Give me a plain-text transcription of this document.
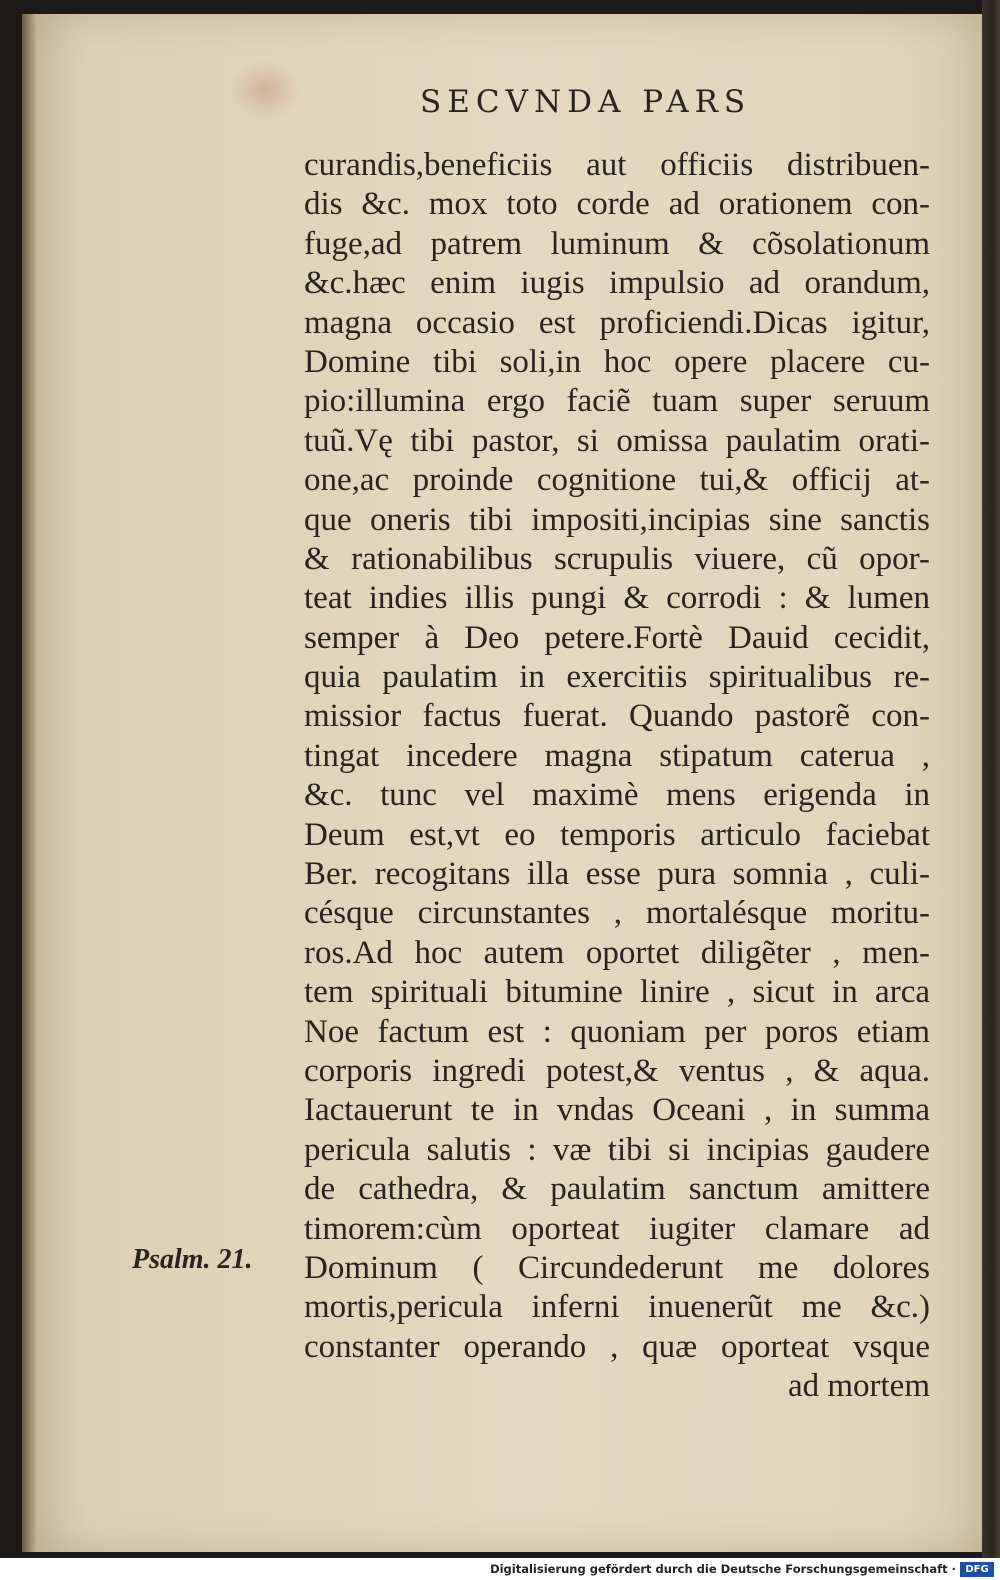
SECVNDA PARS
curandis,beneficiis aut officiis distribuen-
dis &c. mox toto corde ad orationem con-
fuge,ad patrem luminum & cõsolationum
&c.hæc enim iugis impulsio ad orandum,
magna occasio est proficiendi.Dicas igitur,
Domine tibi soli,in hoc opere placere cu-
pio:illumina ergo faciẽ tuam super seruum
tuũ.Vę tibi pastor, si omissa paulatim orati-
one,ac proinde cognitione tui,& officij at-
que oneris tibi impositi,incipias sine sanctis
& rationabilibus scrupulis viuere, cũ opor-
teat indies illis pungi & corrodi : & lumen
semper à Deo petere.Fortè Dauid cecidit,
quia paulatim in exercitiis spiritualibus re-
missior factus fuerat. Quando pastorẽ con-
tingat incedere magna stipatum caterua ,
&c. tunc vel maximè mens erigenda in
Deum est,vt eo temporis articulo faciebat
Ber. recogitans illa esse pura somnia , culi-
césque circunstantes , mortalésque moritu-
ros.Ad hoc autem oportet diligẽter , men-
tem spirituali bitumine linire , sicut in arca
Noe factum est : quoniam per poros etiam
corporis ingredi potest,& ventus , & aqua.
Iactauerunt te in vndas Oceani , in summa
pericula salutis : væ tibi si incipias gaudere
de cathedra, & paulatim sanctum amittere
timorem:cùm oporteat iugiter clamare ad
Dominum ( Circundederunt me dolores
mortis,pericula inferni inuenerũt me &c.)
constanter operando , quæ oporteat vsque
ad mortem
Psalm. 21.
Digitalisierung gefördert durch die Deutsche Forschungsgemeinschaft · DFG
